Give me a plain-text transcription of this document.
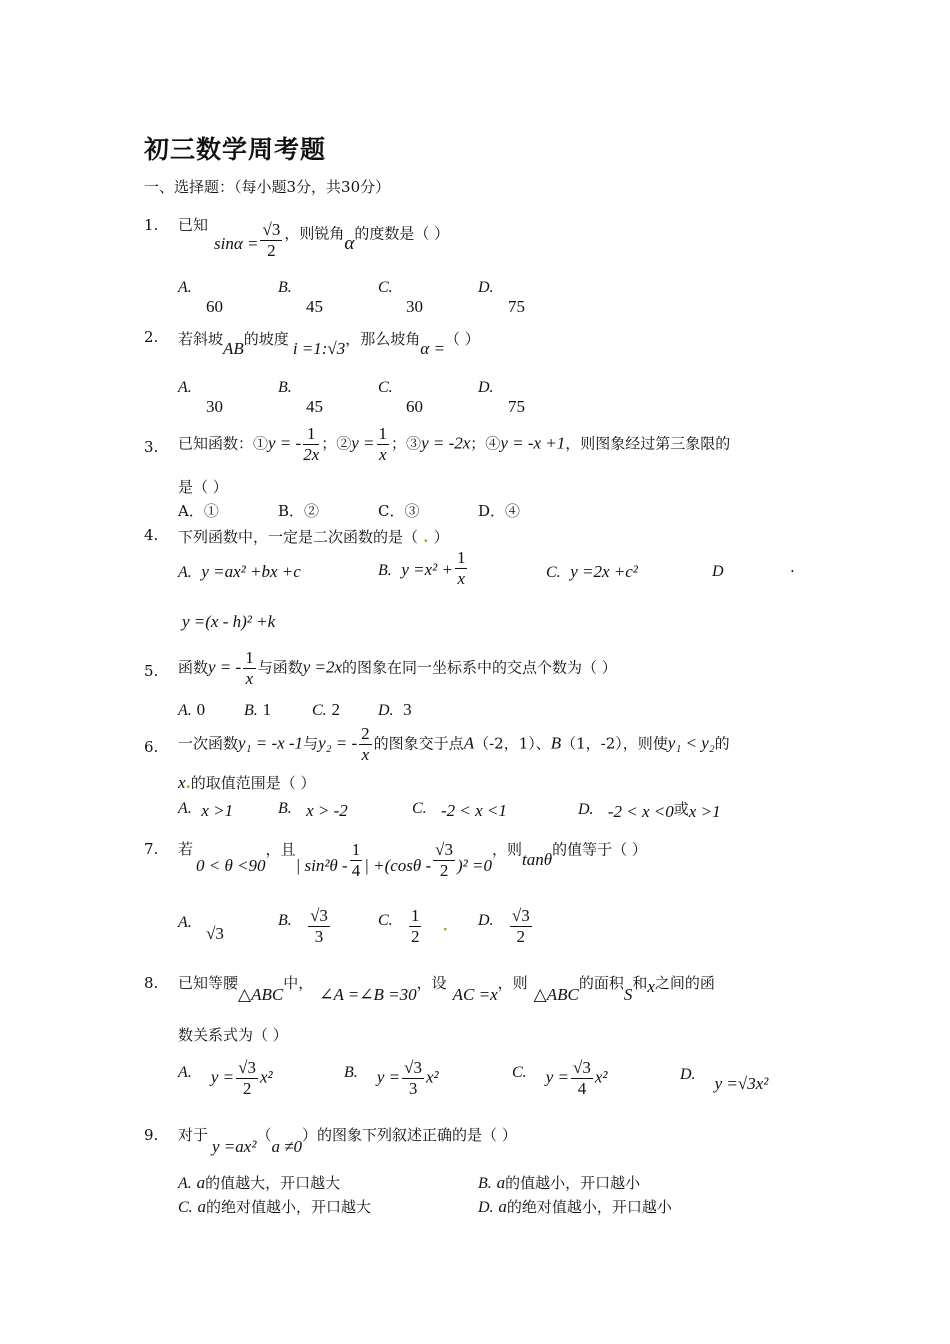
初三数学周考题
一、选择题：（每小题3分，共30分）
1. 已知
$\sin\alpha = \frac{√3}{2}$ ，则锐角α的度数是（ ）
A.
60
B.
45
C.
30
D.
75
2. 若斜坡AB的坡度 i =1:√3，那么坡角α =（ ）
A.
30
B.
45
C.
60
D.
75
3. 已知函数：①y = - $\frac{1}{2x}$ ；②y = $\frac{1}{x}$ ；③y = -2x；④y = -x +1，则图象经过第三象限的
是（ ）
A．①	B．②	C．③	D．④
4. 下列函数中，一定是二次函数的是（ . ）
A. y =ax² +bx +c	B. $y =x^2 + \frac{1}{x}$	C. y =2x +c²	D	.
y =(x - h)² +k
5. 函数y = - $\frac{1}{x}$ 与函数y =2x的图象在同一坐标系中的交点个数为（ ）
A. 0 B. 1	C. 2 D. 3
6. 一次函数y₁ = -x -1与y₂ = - $\frac{2}{x}$ 的图象交于点A（-2，1）、B（1，-2），则使y₁ < y₂的
x.的取值范围是（ ）
A. x >1	B. x > -2	C. -2 < x <1	D. -2 < x <0或x >1
7. 若
0 < θ <90，且| $\sin^2\theta - \frac{1}{4}$ | $+(\cos\theta - \frac{√3}{2} )^2 =0$，则tanθ的值等于（ ）
A.   √3
B. $\frac{√3}{3}$	C. $\frac{1}{2}$ . D. $\frac{√3}{2}$
8. 已知等腰△ABC中，∠A =∠B =30，设AC =x，则△ABC的面积S和x之间的函
数关系式为（ ）
A. $y = \frac{√3}{2} x^2$	B. $y = \frac{√3}{3} x^2$	C. $y = \frac{√3}{4} x^2$	D. y =√3x²
9. 对于y =ax²（a ≠0）的图象下列叙述正确的是（ ）
A. a的值越大，开口越大	B. a的值越小，开口越小
C. a的绝对值越小，开口越大	D. a的绝对值越小，开口越小
